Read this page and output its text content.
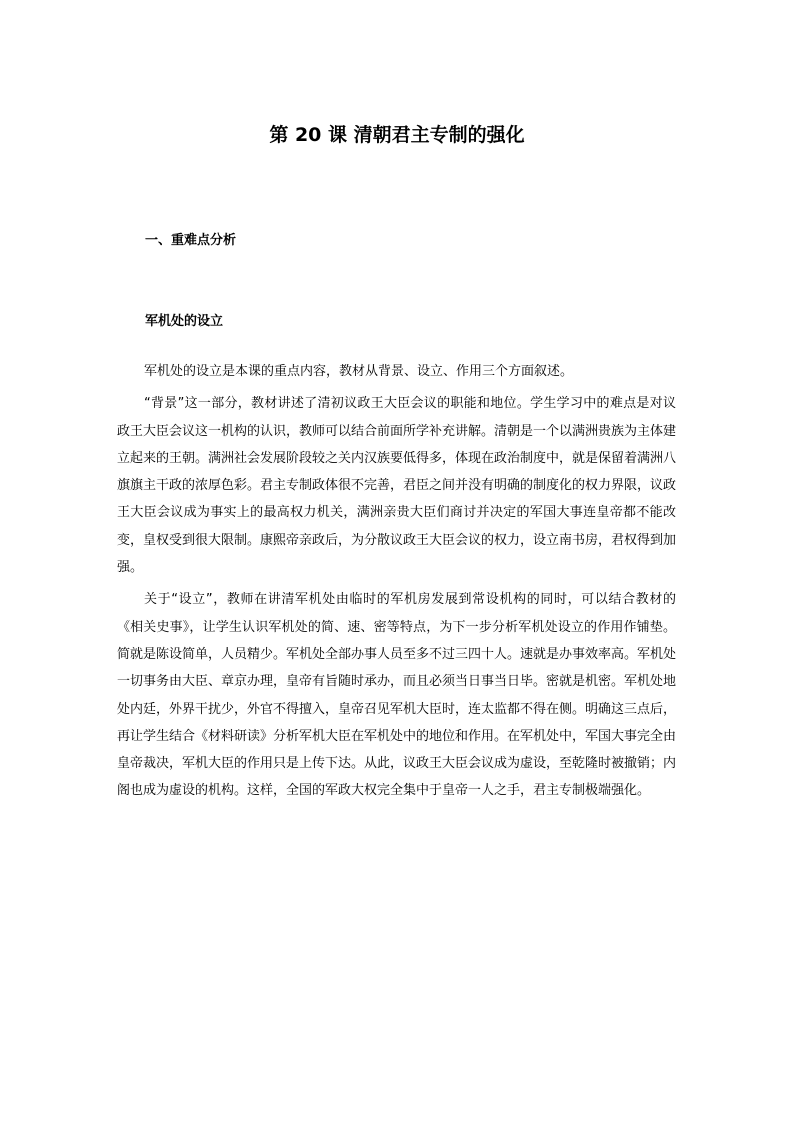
第 20 课 清朝君主专制的强化
一、重难点分析
军机处的设立

军机处的设立是本课的重点内容，教材从背景、设立、作用三个方面叙述。

“背景”这一部分，教材讲述了清初议政王大臣会议的职能和地位。学生学习中的难点是对议政王大臣会议这一机构的认识，教师可以结合前面所学补充讲解。清朝是一个以满洲贵族为主体建立起来的王朝。满洲社会发展阶段较之关内汉族要低得多，体现在政治制度中，就是保留着满洲八旗旗主干政的浓厚色彩。君主专制政体很不完善，君臣之间并没有明确的制度化的权力界限，议政王大臣会议成为事实上的最高权力机关，满洲亲贵大臣们商讨并决定的军国大事连皇帝都不能改变，皇权受到很大限制。康熙帝亲政后，为分散议政王大臣会议的权力，设立南书房，君权得到加强。

关于“设立”，教师在讲清军机处由临时的军机房发展到常设机构的同时，可以结合教材的《相关史事》，让学生认识军机处的简、速、密等特点，为下一步分析军机处设立的作用作铺垫。简就是陈设简单，人员精少。军机处全部办事人员至多不过三四十人。速就是办事效率高。军机处一切事务由大臣、章京办理，皇帝有旨随时承办，而且必须当日事当日毕。密就是机密。军机处地处内廷，外界干扰少，外官不得擅入，皇帝召见军机大臣时，连太监都不得在侧。明确这三点后，再让学生结合《材料研读》分析军机大臣在军机处中的地位和作用。在军机处中，军国大事完全由皇帝裁决，军机大臣的作用只是上传下达。从此，议政王大臣会议成为虚设，至乾隆时被撤销；内阁也成为虚设的机构。这样，全国的军政大权完全集中于皇帝一人之手，君主专制极端强化。
